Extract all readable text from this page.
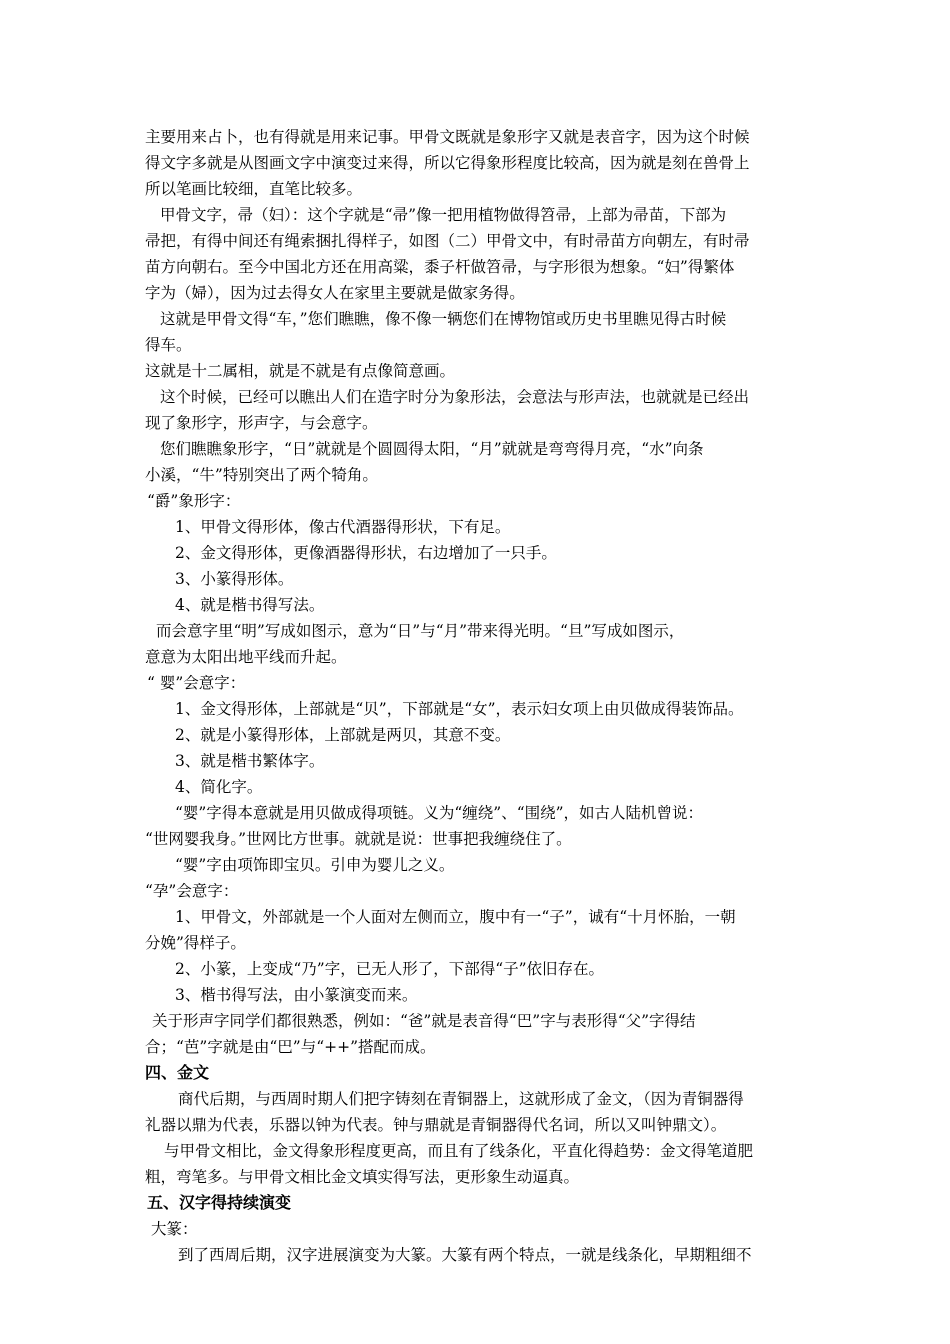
主要用来占卜，也有得就是用来记事。甲骨文既就是象形字又就是表音字，因为这个时候
得文字多就是从图画文字中演变过来得，所以它得象形程度比较高，因为就是刻在兽骨上
所以笔画比较细，直笔比较多。
甲骨文字，帚（妇）：这个字就是“帚”像一把用植物做得笤帚，上部为帚苗，下部为
帚把，有得中间还有绳索捆扎得样子，如图（二）甲骨文中，有时帚苗方向朝左，有时帚
苗方向朝右。至今中国北方还在用高粱，黍子杆做笤帚，与字形很为想象。“妇”得繁体
字为（婦），因为过去得女人在家里主要就是做家务得。
这就是甲骨文得“车，”您们瞧瞧，像不像一辆您们在博物馆或历史书里瞧见得古时候
得车。
这就是十二属相，就是不就是有点像简意画。
这个时候，已经可以瞧出人们在造字时分为象形法，会意法与形声法，也就就是已经出
现了象形字，形声字，与会意字。
您们瞧瞧象形字，“日”就就是个圆圆得太阳，“月”就就是弯弯得月亮，“水”向条
小溪，“牛”特别突出了两个犄角。
“爵”象形字：
1、甲骨文得形体，像古代酒器得形状，下有足。
2、金文得形体，更像酒器得形状，右边增加了一只手。
3、小篆得形体。
4、就是楷书得写法。
而会意字里“明”写成如图示，意为“日”与“月”带来得光明。“旦”写成如图示，
意意为太阳出地平线而升起。
“ 婴”会意字：
1、金文得形体，上部就是“贝”，下部就是“女”，表示妇女项上由贝做成得装饰品。
2、就是小篆得形体，上部就是两贝，其意不变。
3、就是楷书繁体字。
4、简化字。
“婴”字得本意就是用贝做成得项链。义为“缠绕”、“围绕”，如古人陆机曾说：
“世网婴我身。”世网比方世事。就就是说：世事把我缠绕住了。
“婴”字由项饰即宝贝。引申为婴儿之义。
“孕”会意字：
1、甲骨文，外部就是一个人面对左侧而立，腹中有一“子”，诚有“十月怀胎，一朝
分娩”得样子。
2、小篆，上变成“乃”字，已无人形了，下部得“子”依旧存在。
3、楷书得写法，由小篆演变而来。
关于形声字同学们都很熟悉，例如：“爸”就是表音得“巴”字与表形得“父”字得结
合；“芭”字就是由“巴”与“++”搭配而成。
四、金文
商代后期，与西周时期人们把字铸刻在青铜器上，这就形成了金文，（因为青铜器得
礼器以鼎为代表，乐器以钟为代表。钟与鼎就是青铜器得代名词，所以又叫钟鼎文）。
与甲骨文相比，金文得象形程度更高，而且有了线条化，平直化得趋势：金文得笔道肥
粗，弯笔多。与甲骨文相比金文填实得写法，更形象生动逼真。
五、汉字得持续演变
大篆：
到了西周后期，汉字进展演变为大篆。大篆有两个特点，一就是线条化，早期粗细不
